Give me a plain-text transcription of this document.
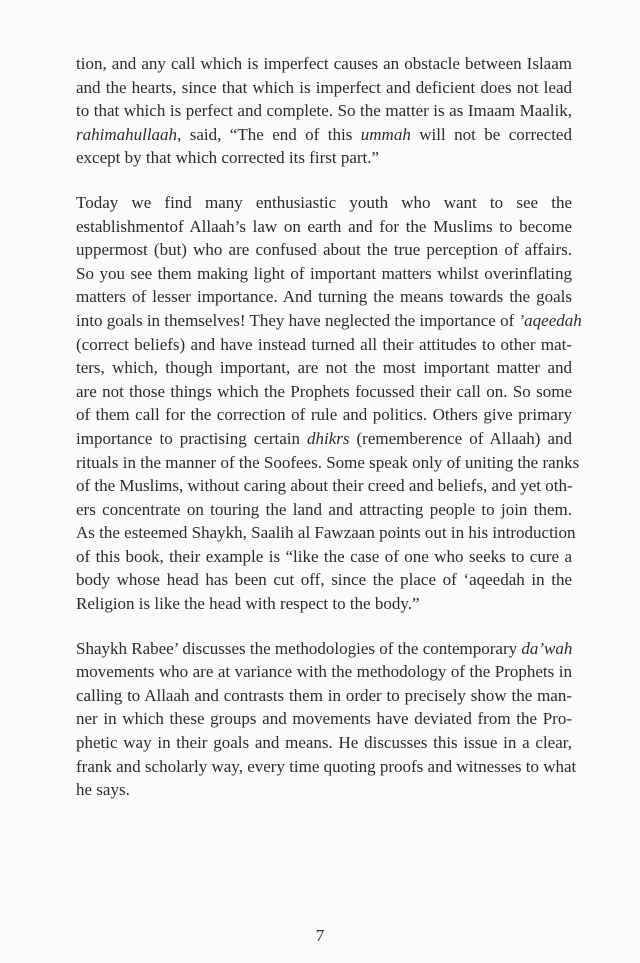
tion, and any call which is imperfect causes an obstacle between Islaam
and the hearts, since that which is imperfect and deficient does not lead
to that which is perfect and complete. So the matter is as Imaam Maalik,
rahimahullaah, said, “The end of this ummah will not be corrected
except by that which corrected its first part.”

Today we find many enthusiastic youth who want to see the
establishmentof Allaah’s law on earth and for the Muslims to become
uppermost (but) who are confused about the true perception of affairs.
So you see them making light of important matters whilst overinflating
matters of lesser importance. And turning the means towards the goals
into goals in themselves! They have neglected the importance of ’aqeedah
(correct beliefs) and have instead turned all their attitudes to other mat-
ters, which, though important, are not the most important matter and
are not those things which the Prophets focussed their call on. So some
of them call for the correction of rule and politics. Others give primary
importance to practising certain dhikrs (rememberence of Allaah) and
rituals in the manner of the Soofees. Some speak only of uniting the ranks
of the Muslims, without caring about their creed and beliefs, and yet oth-
ers concentrate on touring the land and attracting people to join them.
As the esteemed Shaykh, Saalih al Fawzaan points out in his introduction
of this book, their example is “like the case of one who seeks to cure a
body whose head has been cut off, since the place of ‘aqeedah in the
Religion is like the head with respect to the body.”

Shaykh Rabee’ discusses the methodologies of the contemporary da’wah
movements who are at variance with the methodology of the Prophets in
calling to Allaah and contrasts them in order to precisely show the man-
ner in which these groups and movements have deviated from the Pro-
phetic way in their goals and means. He discusses this issue in a clear,
frank and scholarly way, every time quoting proofs and witnesses to what
he says.

7
